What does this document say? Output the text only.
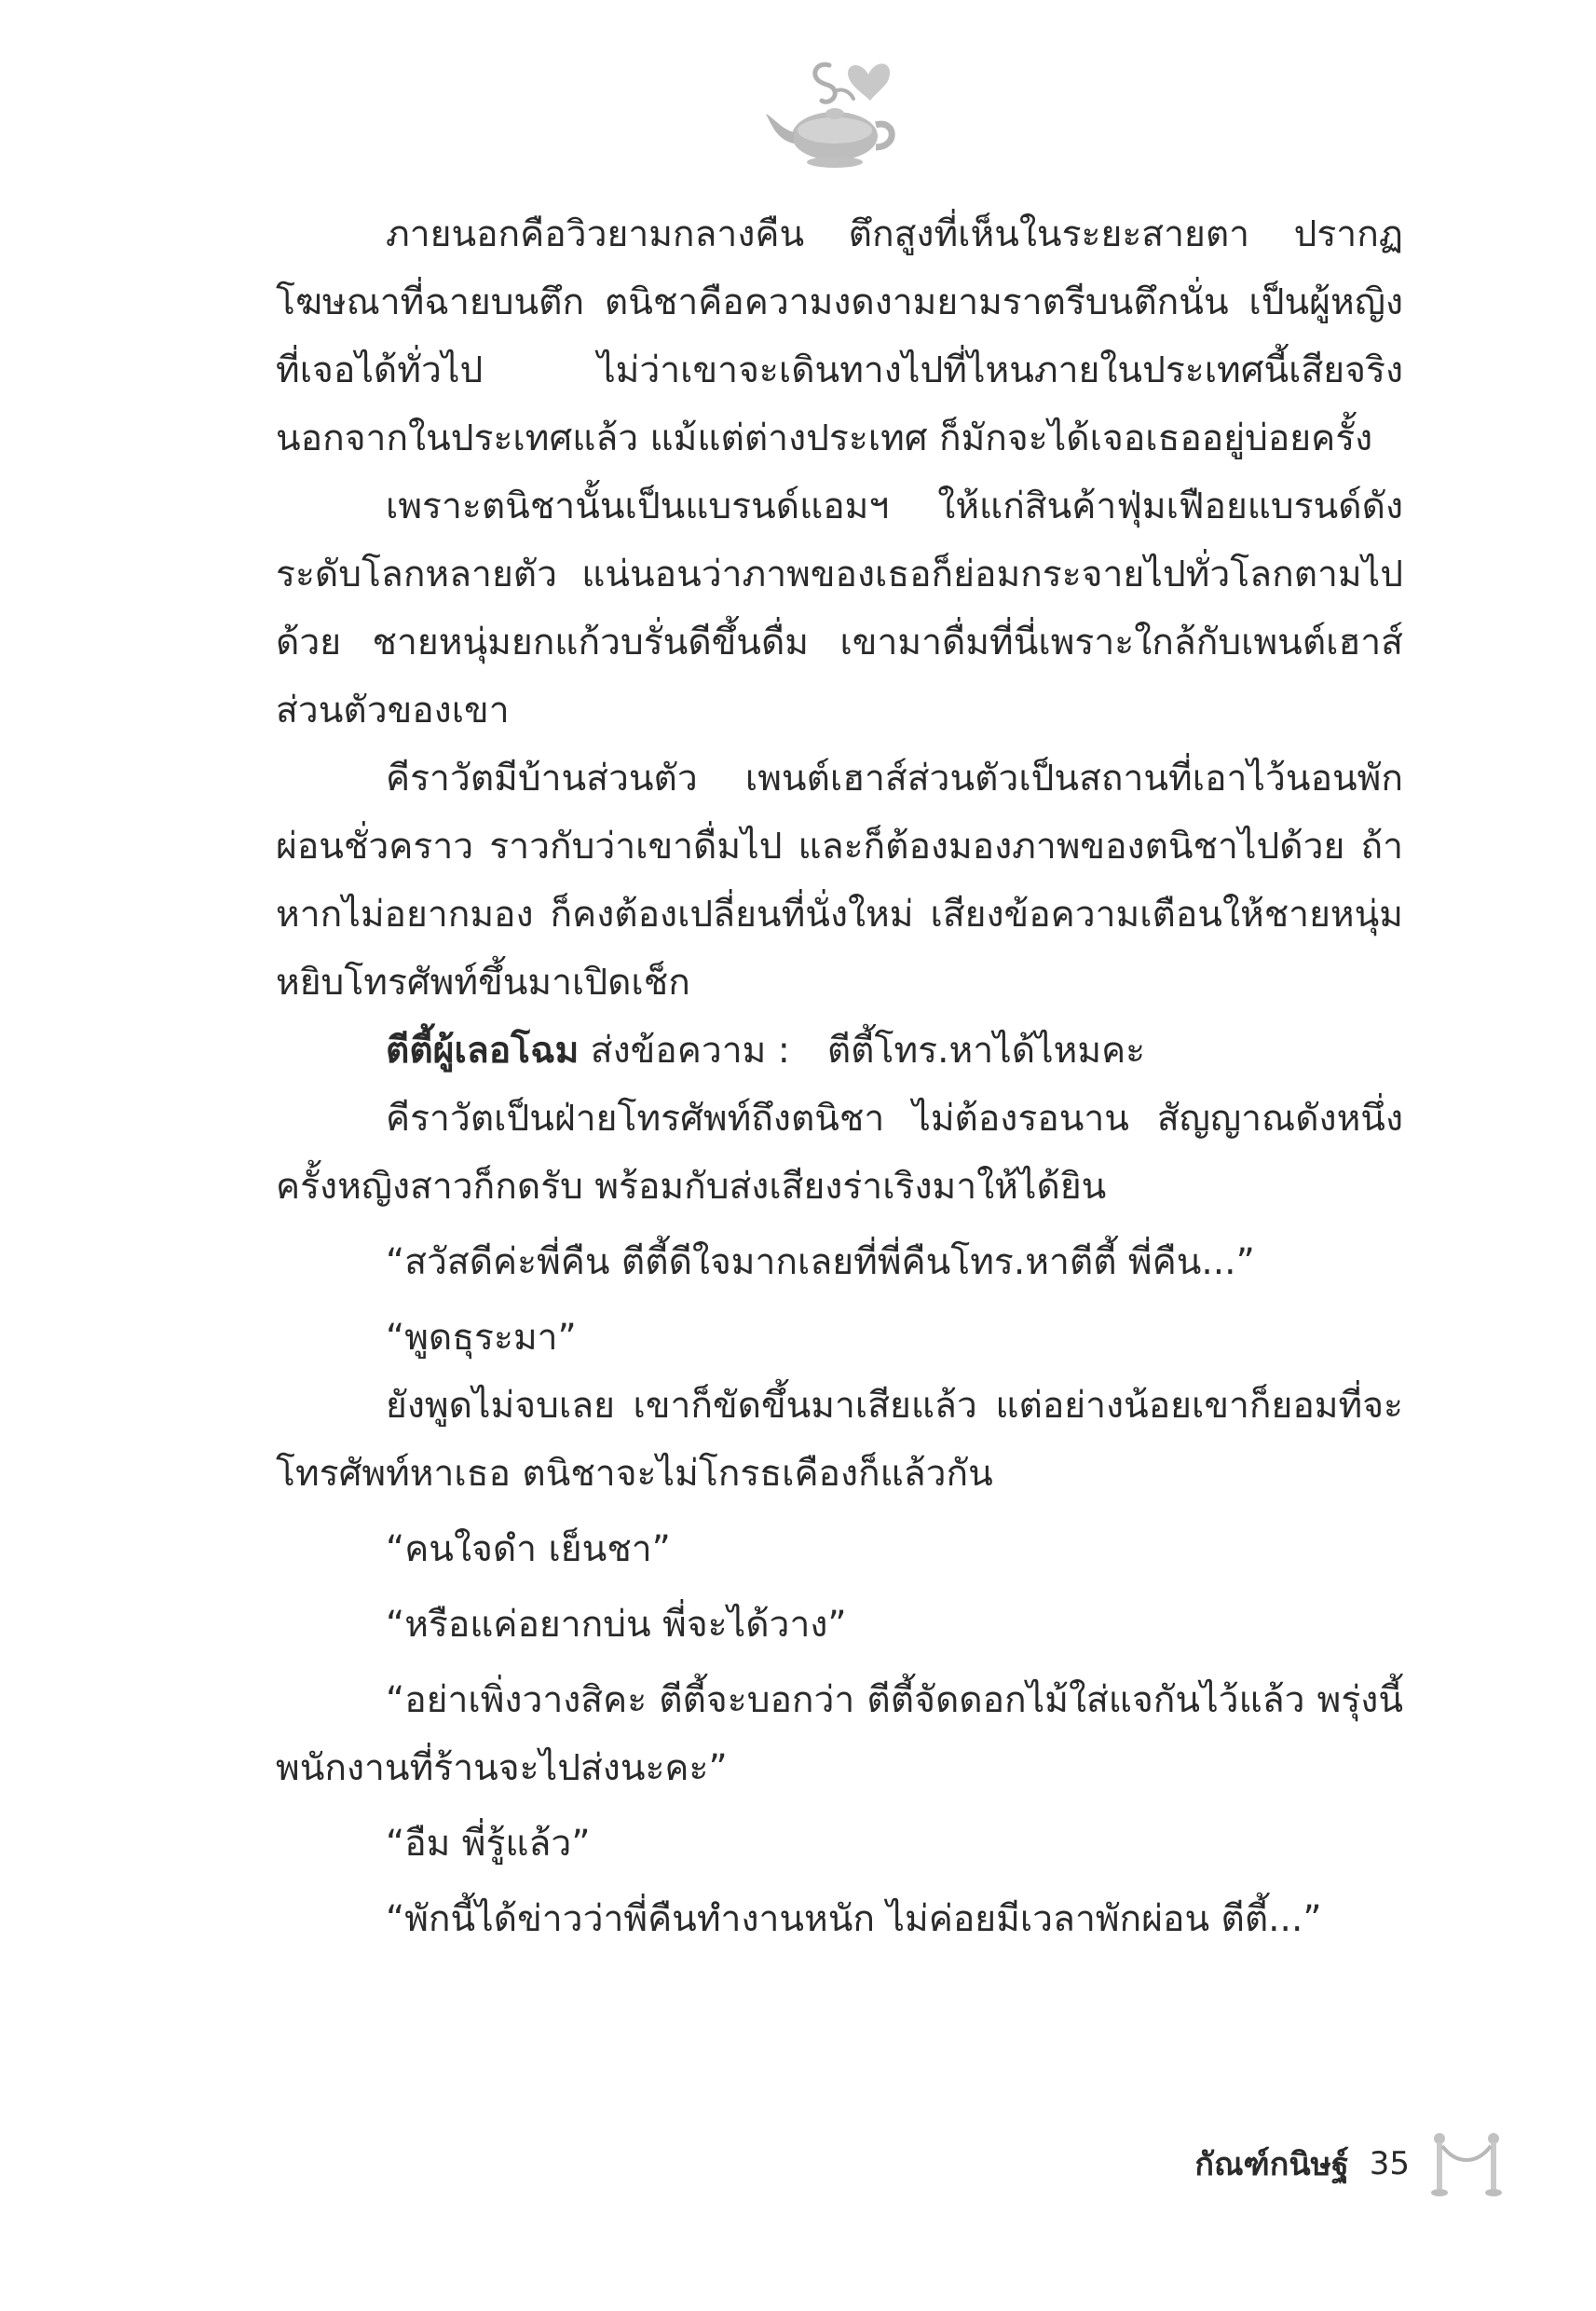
ภายนอกคือวิวยามกลางคืน ตึกสูงที่เห็นในระยะสายตา ปรากฏโฆษณาที่ฉายบนตึก ตนิชาคือความงดงามยามราตรีบนตึกนั่น เป็นผู้หญิงที่เจอได้ทั่วไป ไม่ว่าเขาจะเดินทางไปที่ไหนภายในประเทศนี้เสียจริง นอกจากในประเทศแล้ว แม้แต่ต่างประเทศ ก็มักจะได้เจอเธออยู่บ่อยครั้ง

เพราะตนิชานั้นเป็นแบรนด์แอมฯ ให้แก่สินค้าฟุ่มเฟือยแบรนด์ดังระดับโลกหลายตัว แน่นอนว่าภาพของเธอก็ย่อมกระจายไปทั่วโลกตามไปด้วย ชายหนุ่มยกแก้วบรั่นดีขึ้นดื่ม เขามาดื่มที่นี่เพราะใกล้กับเพนต์เฮาส์ส่วนตัวของเขา

คีราวัตมีบ้านส่วนตัว เพนต์เฮาส์ส่วนตัวเป็นสถานที่เอาไว้นอนพักผ่อนชั่วคราว ราวกับว่าเขาดื่มไป และก็ต้องมองภาพของตนิชาไปด้วย ถ้าหากไม่อยากมอง ก็คงต้องเปลี่ยนที่นั่งใหม่ เสียงข้อความเตือนให้ชายหนุ่มหยิบโทรศัพท์ขึ้นมาเปิดเช็ก

ตีตี้ผู้เลอโฉม ส่งข้อความ : ตีตี้โทร.หาได้ไหมคะ

คีราวัตเป็นฝ่ายโทรศัพท์ถึงตนิชา ไม่ต้องรอนาน สัญญาณดังหนึ่งครั้งหญิงสาวก็กดรับ พร้อมกับส่งเสียงร่าเริงมาให้ได้ยิน

“สวัสดีค่ะพี่คืน ตีตี้ดีใจมากเลยที่พี่คืนโทร.หาตีตี้ พี่คืน...”

“พูดธุระมา”

ยังพูดไม่จบเลย เขาก็ขัดขึ้นมาเสียแล้ว แต่อย่างน้อยเขาก็ยอมที่จะโทรศัพท์หาเธอ ตนิชาจะไม่โกรธเคืองก็แล้วกัน

“คนใจดำ เย็นชา”

“หรือแค่อยากบ่น พี่จะได้วาง”

“อย่าเพิ่งวางสิคะ ตีตี้จะบอกว่า ตีตี้จัดดอกไม้ใส่แจกันไว้แล้ว พรุ่งนี้พนักงานที่ร้านจะไปส่งนะคะ”

“อืม พี่รู้แล้ว”

“พักนี้ได้ข่าวว่าพี่คืนทำงานหนัก ไม่ค่อยมีเวลาพักผ่อน ตีตี้...”

กัณฑ์กนิษฐ์ 35
